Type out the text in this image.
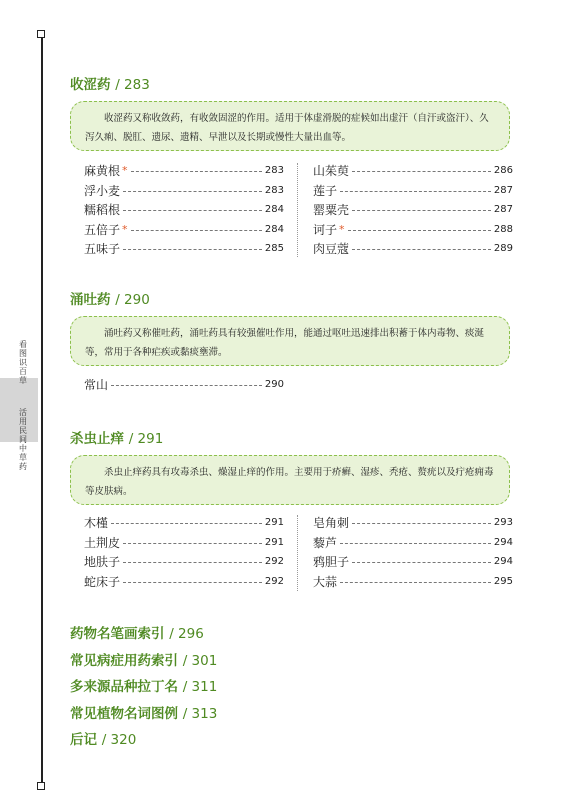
看图识百草
活用民间中草药
收涩药 / 283
收涩药又称收敛药，有收敛固涩的作用。适用于体虚滑脱的症候如出虚汗（自汗或盗汗）、久泻久痢、脱肛、遗尿、遗精、早泄以及长期或慢性大量出血等。
麻黄根 *	283
浮小麦	283
糯稻根	284
五倍子 *	284
五味子	285
山茱萸	286
莲子	287
罂粟壳	287
诃子 *	288
肉豆蔻	289
涌吐药 / 290
涌吐药又称催吐药，涌吐药具有较强催吐作用，能通过呕吐迅速排出积蓄于体内毒物、痰涎等，常用于各种疟疾或黏痰壅滞。
常山	290
杀虫止痒 / 291
杀虫止痒药具有攻毒杀虫、燥湿止痒的作用。主要用于疥癣、湿疹、秃疮、赘疣以及疔疮痈毒等皮肤病。
木槿	291
土荆皮	291
地肤子	292
蛇床子	292
皂角刺	293
藜芦	294
鸦胆子	294
大蒜	295
药物名笔画索引 / 296
常见病症用药索引 / 301
多来源品种拉丁名 / 311
常见植物名词图例 / 313
后记 / 320
